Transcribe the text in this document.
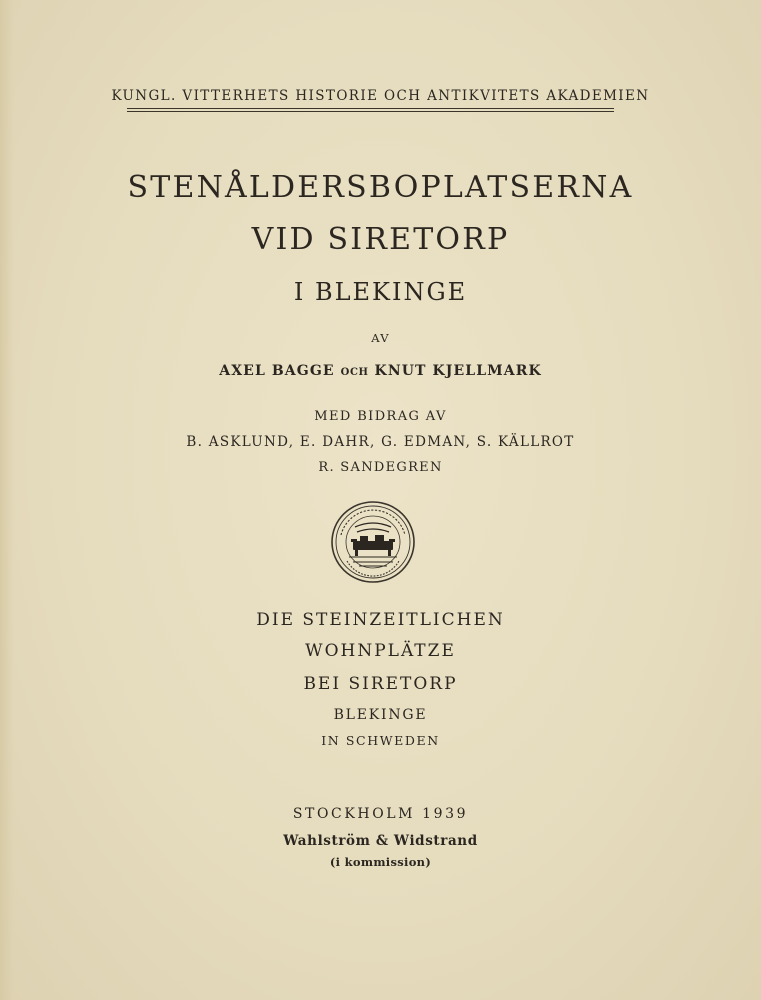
KUNGL. VITTERHETS HISTORIE OCH ANTIKVITETS AKADEMIEN
STENÅLDERSBOPLATSERNA
VID SIRETORP
I BLEKINGE
AV
AXEL BAGGE OCH KNUT KJELLMARK
MED BIDRAG AV
B. ASKLUND, E. DAHR, G. EDMAN, S. KÄLLROT
R. SANDEGREN
DIE STEINZEITLICHEN
WOHNPLÄTZE
BEI SIRETORP
BLEKINGE
IN SCHWEDEN
STOCKHOLM 1939
Wahlström & Widstrand
(i kommission)
